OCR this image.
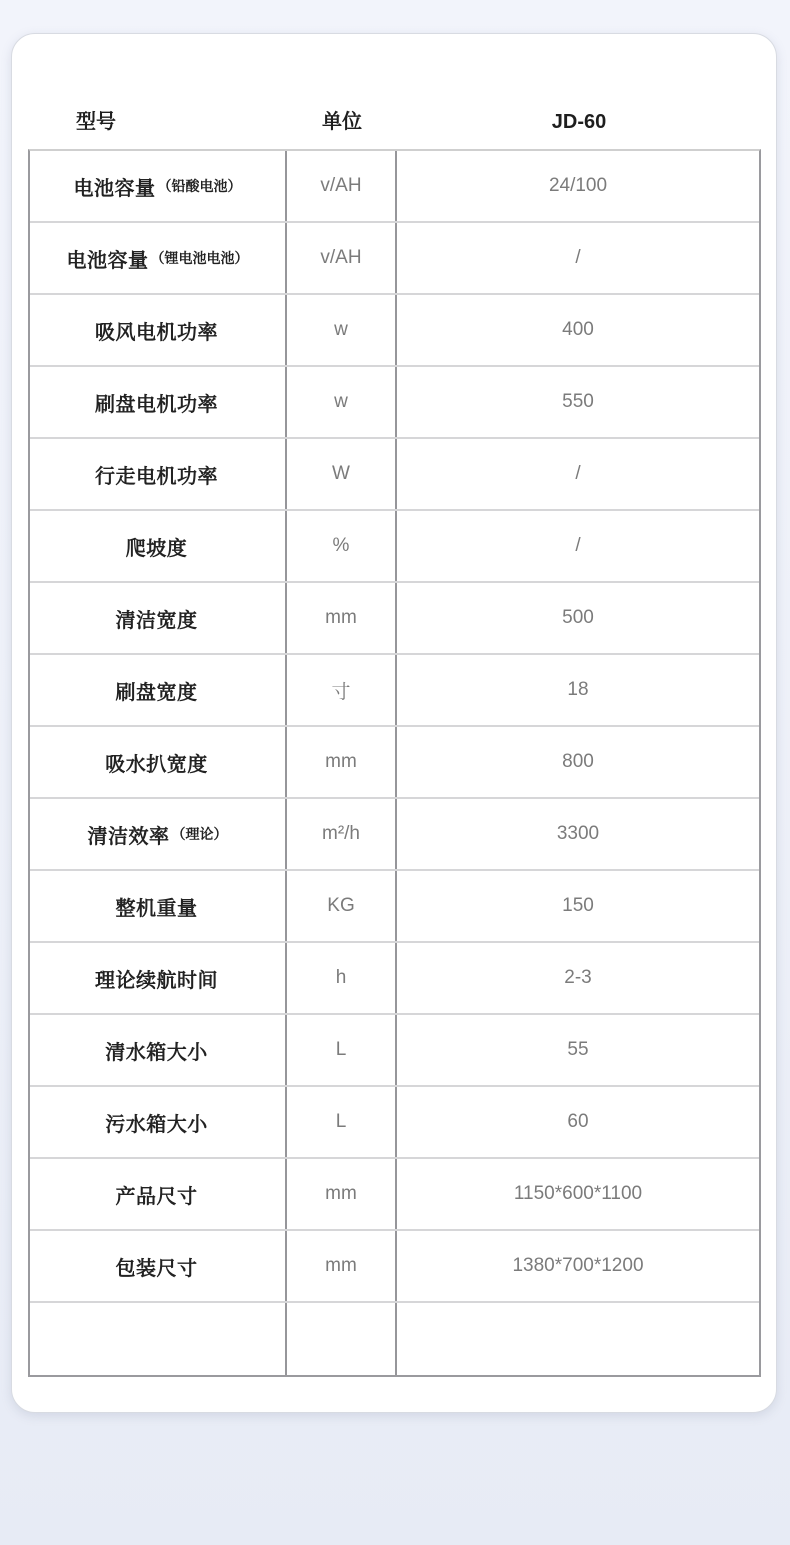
型号	单位	JD-60
电池容量 （铅酸电池）	v/AH	24/100
电池容量 （锂电池电池）	v/AH	/
吸风电机功率	w	400
刷盘电机功率	w	550
行走电机功率	W	/
爬坡度	%	/
清洁宽度	mm	500
刷盘宽度	寸	18
吸水扒宽度	mm	800
清洁效率 （理论）	m²/h	3300
整机重量	KG	150
理论续航时间	h	2-3
清水箱大小	L	55
污水箱大小	L	60
产品尺寸	mm	1150*600*1100
包装尺寸	mm	1380*700*1200
